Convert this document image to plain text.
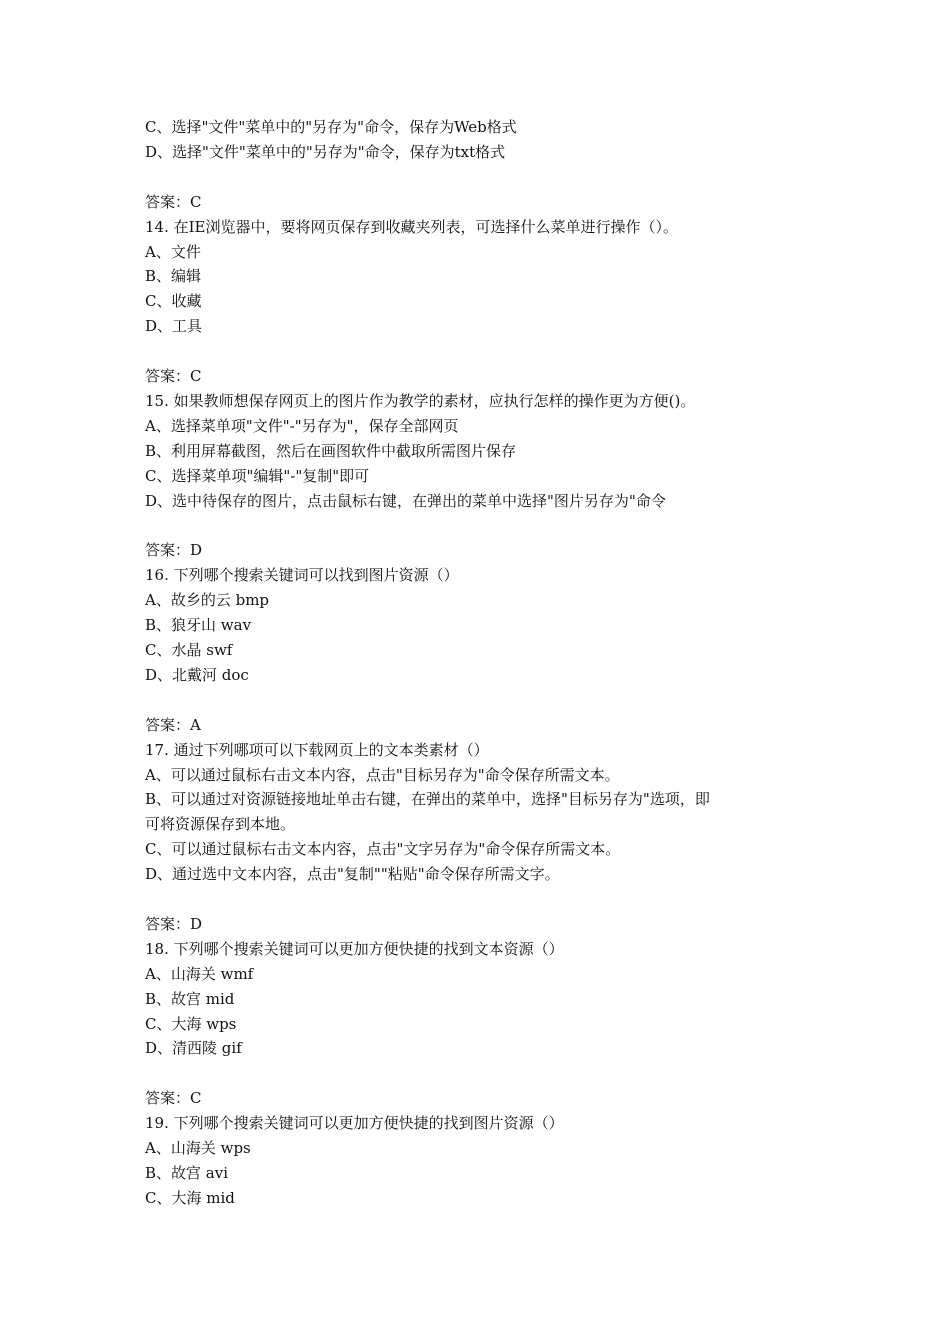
C、选择"文件"菜单中的"另存为"命令，保存为Web格式
D、选择"文件"菜单中的"另存为"命令，保存为txt格式
答案：C
14. 在IE浏览器中，要将网页保存到收藏夹列表，可选择什么菜单进行操作（）。
A、文件
B、编辑
C、收藏
D、工具
答案：C
15. 如果教师想保存网页上的图片作为教学的素材，应执行怎样的操作更为方便()。
A、选择菜单项"文件"-"另存为"，保存全部网页
B、利用屏幕截图，然后在画图软件中截取所需图片保存
C、选择菜单项"编辑"-"复制"即可
D、选中待保存的图片，点击鼠标右键，在弹出的菜单中选择"图片另存为"命令
答案：D
16. 下列哪个搜索关键词可以找到图片资源（）
A、故乡的云 bmp
B、狼牙山 wav
C、水晶 swf
D、北戴河 doc
答案：A
17. 通过下列哪项可以下载网页上的文本类素材（）
A、可以通过鼠标右击文本内容，点击"目标另存为"命令保存所需文本。
B、可以通过对资源链接地址单击右键，在弹出的菜单中，选择"目标另存为"选项，即
可将资源保存到本地。
C、可以通过鼠标右击文本内容，点击"文字另存为"命令保存所需文本。
D、通过选中文本内容，点击"复制""粘贴"命令保存所需文字。
答案：D
18. 下列哪个搜索关键词可以更加方便快捷的找到文本资源（）
A、山海关 wmf
B、故宫 mid
C、大海 wps
D、清西陵 gif
答案：C
19. 下列哪个搜索关键词可以更加方便快捷的找到图片资源（）
A、山海关 wps
B、故宫 avi
C、大海 mid
